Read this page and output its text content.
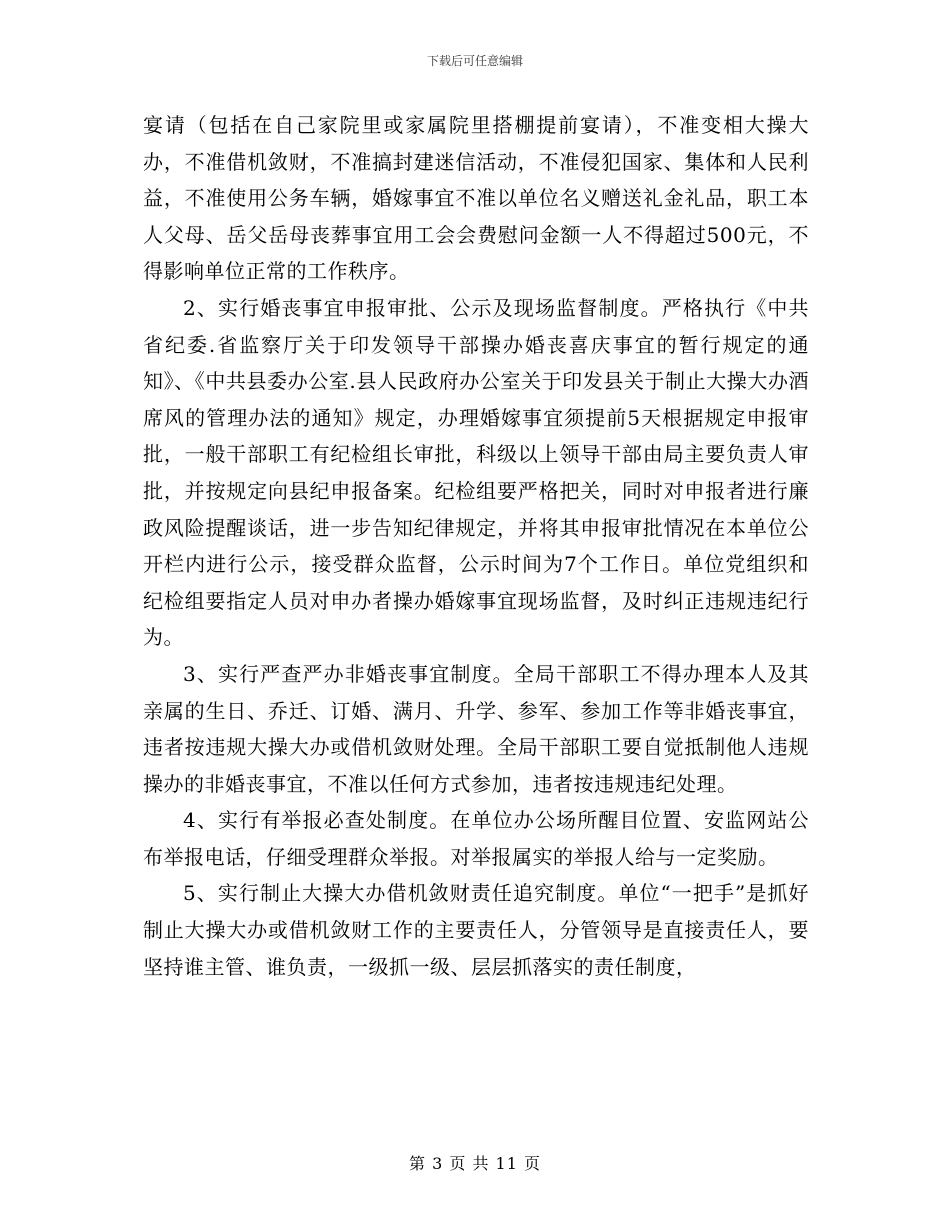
下载后可任意编辑

宴请（包括在自己家院里或家属院里搭棚提前宴请），不准变相大操大办，不准借机敛财，不准搞封建迷信活动，不准侵犯国家、集体和人民利益，不准使用公务车辆，婚嫁事宜不准以单位名义赠送礼金礼品，职工本人父母、岳父岳母丧葬事宜用工会会费慰问金额一人不得超过500元，不得影响单位正常的工作秩序。

2、实行婚丧事宜申报审批、公示及现场监督制度。严格执行《中共省纪委.省监察厅关于印发领导干部操办婚丧喜庆事宜的暂行规定的通知》、《中共县委办公室.县人民政府办公室关于印发县关于制止大操大办酒席风的管理办法的通知》规定，办理婚嫁事宜须提前5天根据规定申报审批，一般干部职工有纪检组长审批，科级以上领导干部由局主要负责人审批，并按规定向县纪申报备案。纪检组要严格把关，同时对申报者进行廉政风险提醒谈话，进一步告知纪律规定，并将其申报审批情况在本单位公开栏内进行公示，接受群众监督，公示时间为7个工作日。单位党组织和纪检组要指定人员对申办者操办婚嫁事宜现场监督，及时纠正违规违纪行为。

3、实行严查严办非婚丧事宜制度。全局干部职工不得办理本人及其亲属的生日、乔迁、订婚、满月、升学、参军、参加工作等非婚丧事宜，违者按违规大操大办或借机敛财处理。全局干部职工要自觉抵制他人违规操办的非婚丧事宜，不准以任何方式参加，违者按违规违纪处理。

4、实行有举报必查处制度。在单位办公场所醒目位置、安监网站公布举报电话，仔细受理群众举报。对举报属实的举报人给与一定奖励。

5、实行制止大操大办借机敛财责任追究制度。单位“一把手”是抓好制止大操大办或借机敛财工作的主要责任人，分管领导是直接责任人，要坚持谁主管、谁负责，一级抓一级、层层抓落实的责任制度，

第 3 页 共 11 页
